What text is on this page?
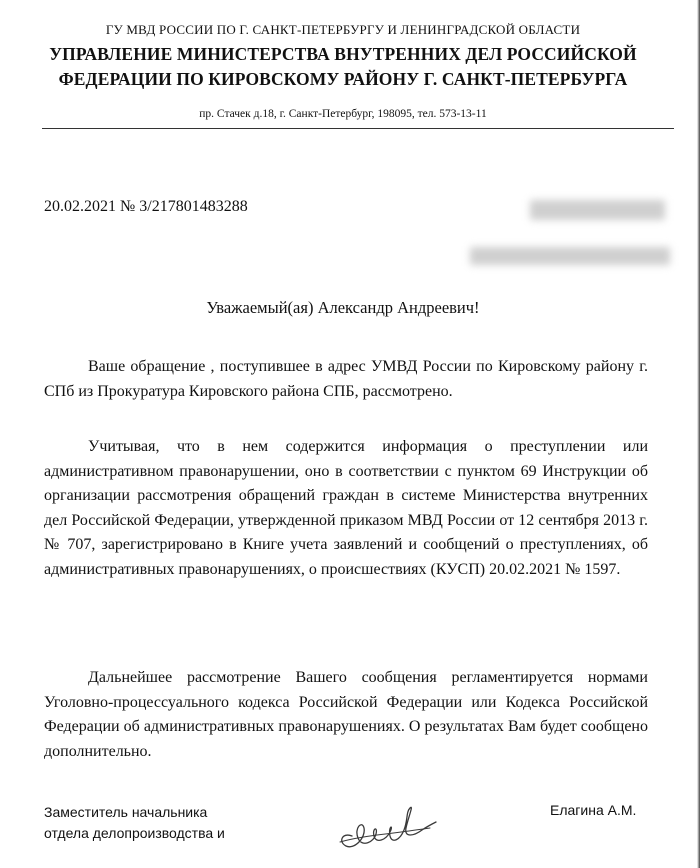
ГУ МВД РОССИИ ПО Г. САНКТ-ПЕТЕРБУРГУ И ЛЕНИНГРАДСКОЙ ОБЛАСТИ
УПРАВЛЕНИЕ МИНИСТЕРСТВА ВНУТРЕННИХ ДЕЛ РОССИЙСКОЙ
ФЕДЕРАЦИИ ПО КИРОВСКОМУ РАЙОНУ Г. САНКТ-ПЕТЕРБУРГА
пр. Стачек д.18, г. Санкт-Петербург, 198095, тел. 573-13-11
20.02.2021 № 3/217801483288
Уважаемый(ая) Александр Андреевич!

Ваше обращение , поступившее в адрес УМВД России по Кировскому району г. СПб из Прокуратура Кировского района СПБ, рассмотрено.

Учитывая, что в нем содержится информация о преступлении или административном правонарушении, оно в соответствии с пунктом 69 Инструкции об организации рассмотрения обращений граждан в системе Министерства внутренних дел Российской Федерации, утвержденной приказом МВД России от 12 сентября 2013 г. № 707, зарегистрировано в Книге учета заявлений и сообщений о преступлениях, об административных правонарушениях, о происшествиях (КУСП) 20.02.2021 № 1597.

Дальнейшее рассмотрение Вашего сообщения регламентируется нормами Уголовно-процессуального кодекса Российской Федерации или Кодекса Российской Федерации об административных правонарушениях. О результатах Вам будет сообщено дополнительно.

Заместитель начальника отдела делопроизводства и
Елагина А.М.
